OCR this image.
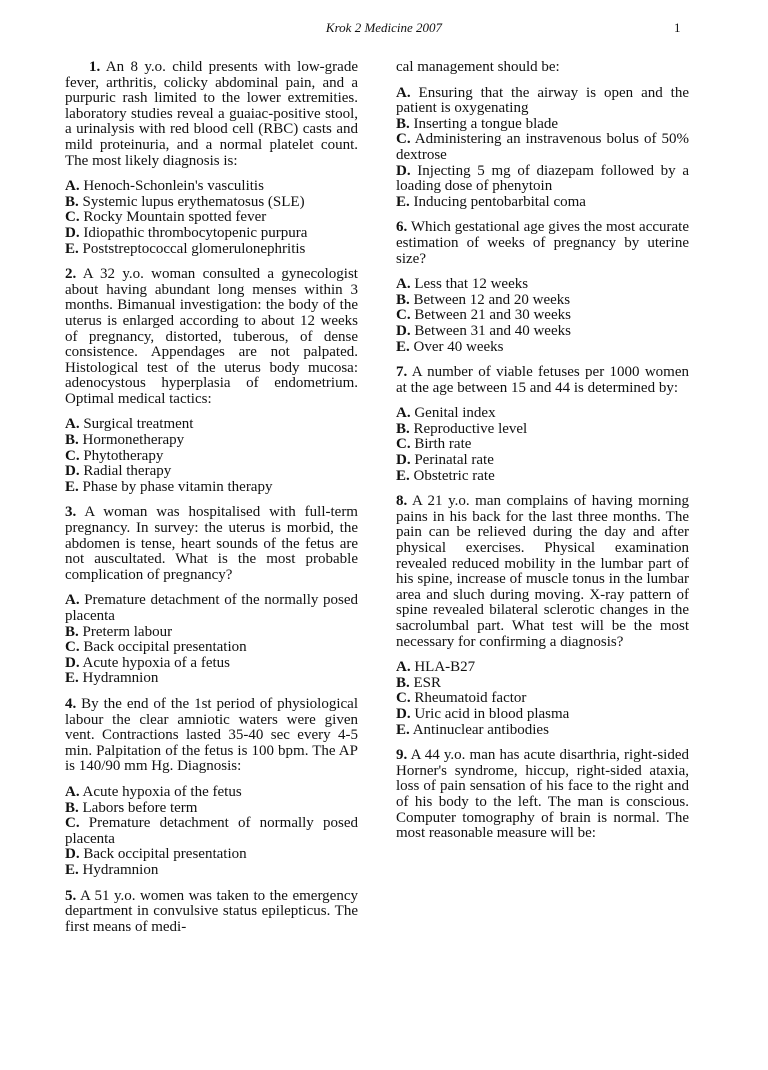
Krok 2 Medicine 2007	1
1. An 8 y.o. child presents with low-grade fever, arthritis, colicky abdominal pain, and a purpuric rash limited to the lower extremities. laboratory studies reveal a guaiac-positive stool, a urinalysis with red blood cell (RBC) casts and mild proteinuria, and a normal platelet count. The most likely diagnosis is:
A. Henoch-Schonlein's vasculitis
B. Systemic lupus erythematosus (SLE)
C. Rocky Mountain spotted fever
D. Idiopathic thrombocytopenic purpura
E. Poststreptococcal glomerulonephritis
2. A 32 y.o. woman consulted a gynecologist about having abundant long menses within 3 months. Bimanual investigation: the body of the uterus is enlarged according to about 12 weeks of pregnancy, distorted, tuberous, of dense consistence. Appendages are not palpated. Histological test of the uterus body mucosa: adenocystous hyperplasia of endometrium. Optimal medical tactics:
A. Surgical treatment
B. Hormonetherapy
C. Phytotherapy
D. Radial therapy
E. Phase by phase vitamin therapy
3. A woman was hospitalised with full-term pregnancy. In survey: the uterus is morbid, the abdomen is tense, heart sounds of the fetus are not auscultated. What is the most probable complication of pregnancy?
A. Premature detachment of the normally posed placenta
B. Preterm labour
C. Back occipital presentation
D. Acute hypoxia of a fetus
E. Hydramnion
4. By the end of the 1st period of physiological labour the clear amniotic waters were given vent. Contractions lasted 35-40 sec every 4-5 min. Palpitation of the fetus is 100 bpm. The AP is 140/90 mm Hg. Diagnosis:
A. Acute hypoxia of the fetus
B. Labors before term
C. Premature detachment of normally posed placenta
D. Back occipital presentation
E. Hydramnion
5. A 51 y.o. women was taken to the emergency department in convulsive status epilepticus. The first means of medi-
cal management should be:
A. Ensuring that the airway is open and the patient is oxygenating
B. Inserting a tongue blade
C. Administering an instravenous bolus of 50% dextrose
D. Injecting 5 mg of diazepam followed by a loading dose of phenytoin
E. Inducing pentobarbital coma
6. Which gestational age gives the most accurate estimation of weeks of pregnancy by uterine size?
A. Less that 12 weeks
B. Between 12 and 20 weeks
C. Between 21 and 30 weeks
D. Between 31 and 40 weeks
E. Over 40 weeks
7. A number of viable fetuses per 1000 women at the age between 15 and 44 is determined by:
A. Genital index
B. Reproductive level
C. Birth rate
D. Perinatal rate
E. Obstetric rate
8. A 21 y.o. man complains of having morning pains in his back for the last three months. The pain can be relieved during the day and after physical exercises. Physical examination revealed reduced mobility in the lumbar part of his spine, increase of muscle tonus in the lumbar area and sluch during moving. X-ray pattern of spine revealed bilateral sclerotic changes in the sacrolumbal part. What test will be the most necessary for confirming a diagnosis?
A. HLA-B27
B. ESR
C. Rheumatoid factor
D. Uric acid in blood plasma
E. Antinuclear antibodies
9. A 44 y.o. man has acute disarthria, right-sided Horner's syndrome, hiccup, right-sided ataxia, loss of pain sensation of his face to the right and of his body to the left. The man is conscious. Computer tomography of brain is normal. The most reasonable measure will be:
